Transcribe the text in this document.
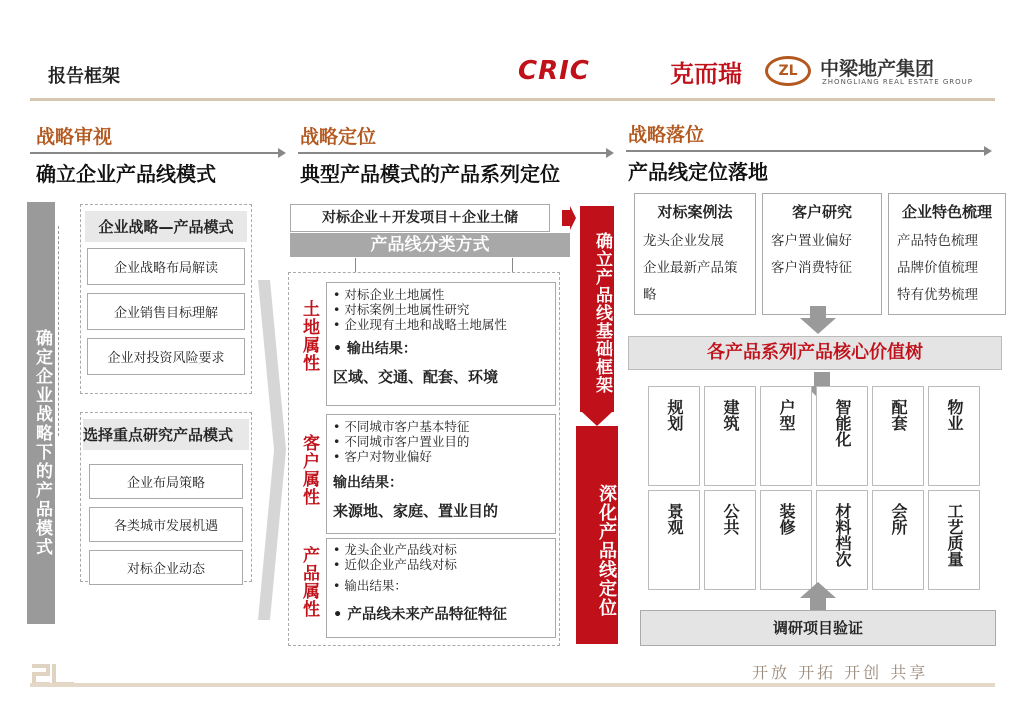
报告框架	CRIC	克而瑞	ZL	中梁地产集团
ZHONGLIANG REAL ESTATE GROUP
战略审视
确立企业产品线模式
战略定位
典型产品模式的产品系列定位
战略落位
产品线定位落地
确定企业战略下的产品模式
企业战略—产品模式
企业战略布局解读
企业销售目标理解
企业对投资风险要求
选择重点研究产品模式
企业布局策略
各类城市发展机遇
对标企业动态
对标企业＋开发项目＋企业土储
产品线分类方式
土地属性
• 对标企业土地属性
• 对标案例土地属性研究
• 企业现有土地和战略土地属性
• 输出结果：
区域、交通、配套、环境
客户属性
• 不同城市客户基本特征
• 不同城市客户置业目的
• 客户对物业偏好
输出结果：
来源地、家庭、置业目的
产品属性
•	龙头企业产品线对标
• 近似企业产品线对标
• 输出结果：
• 产品线未来产品特征特征
确立产品线基础框架
深化产品线定位
对标案例法
龙头企业发展
企业最新产品策略
客户研究
客户置业偏好
客户消费特征
企业特色梳理
产品特色梳理
品牌价值梳理
特有优势梳理
各产品系列产品核心价值树
规划	建筑	户型	智能化	配套	物业
景观	公共	装修	材料档次	会所	工艺质量
调研项目验证
开放 开拓 开创 共享
